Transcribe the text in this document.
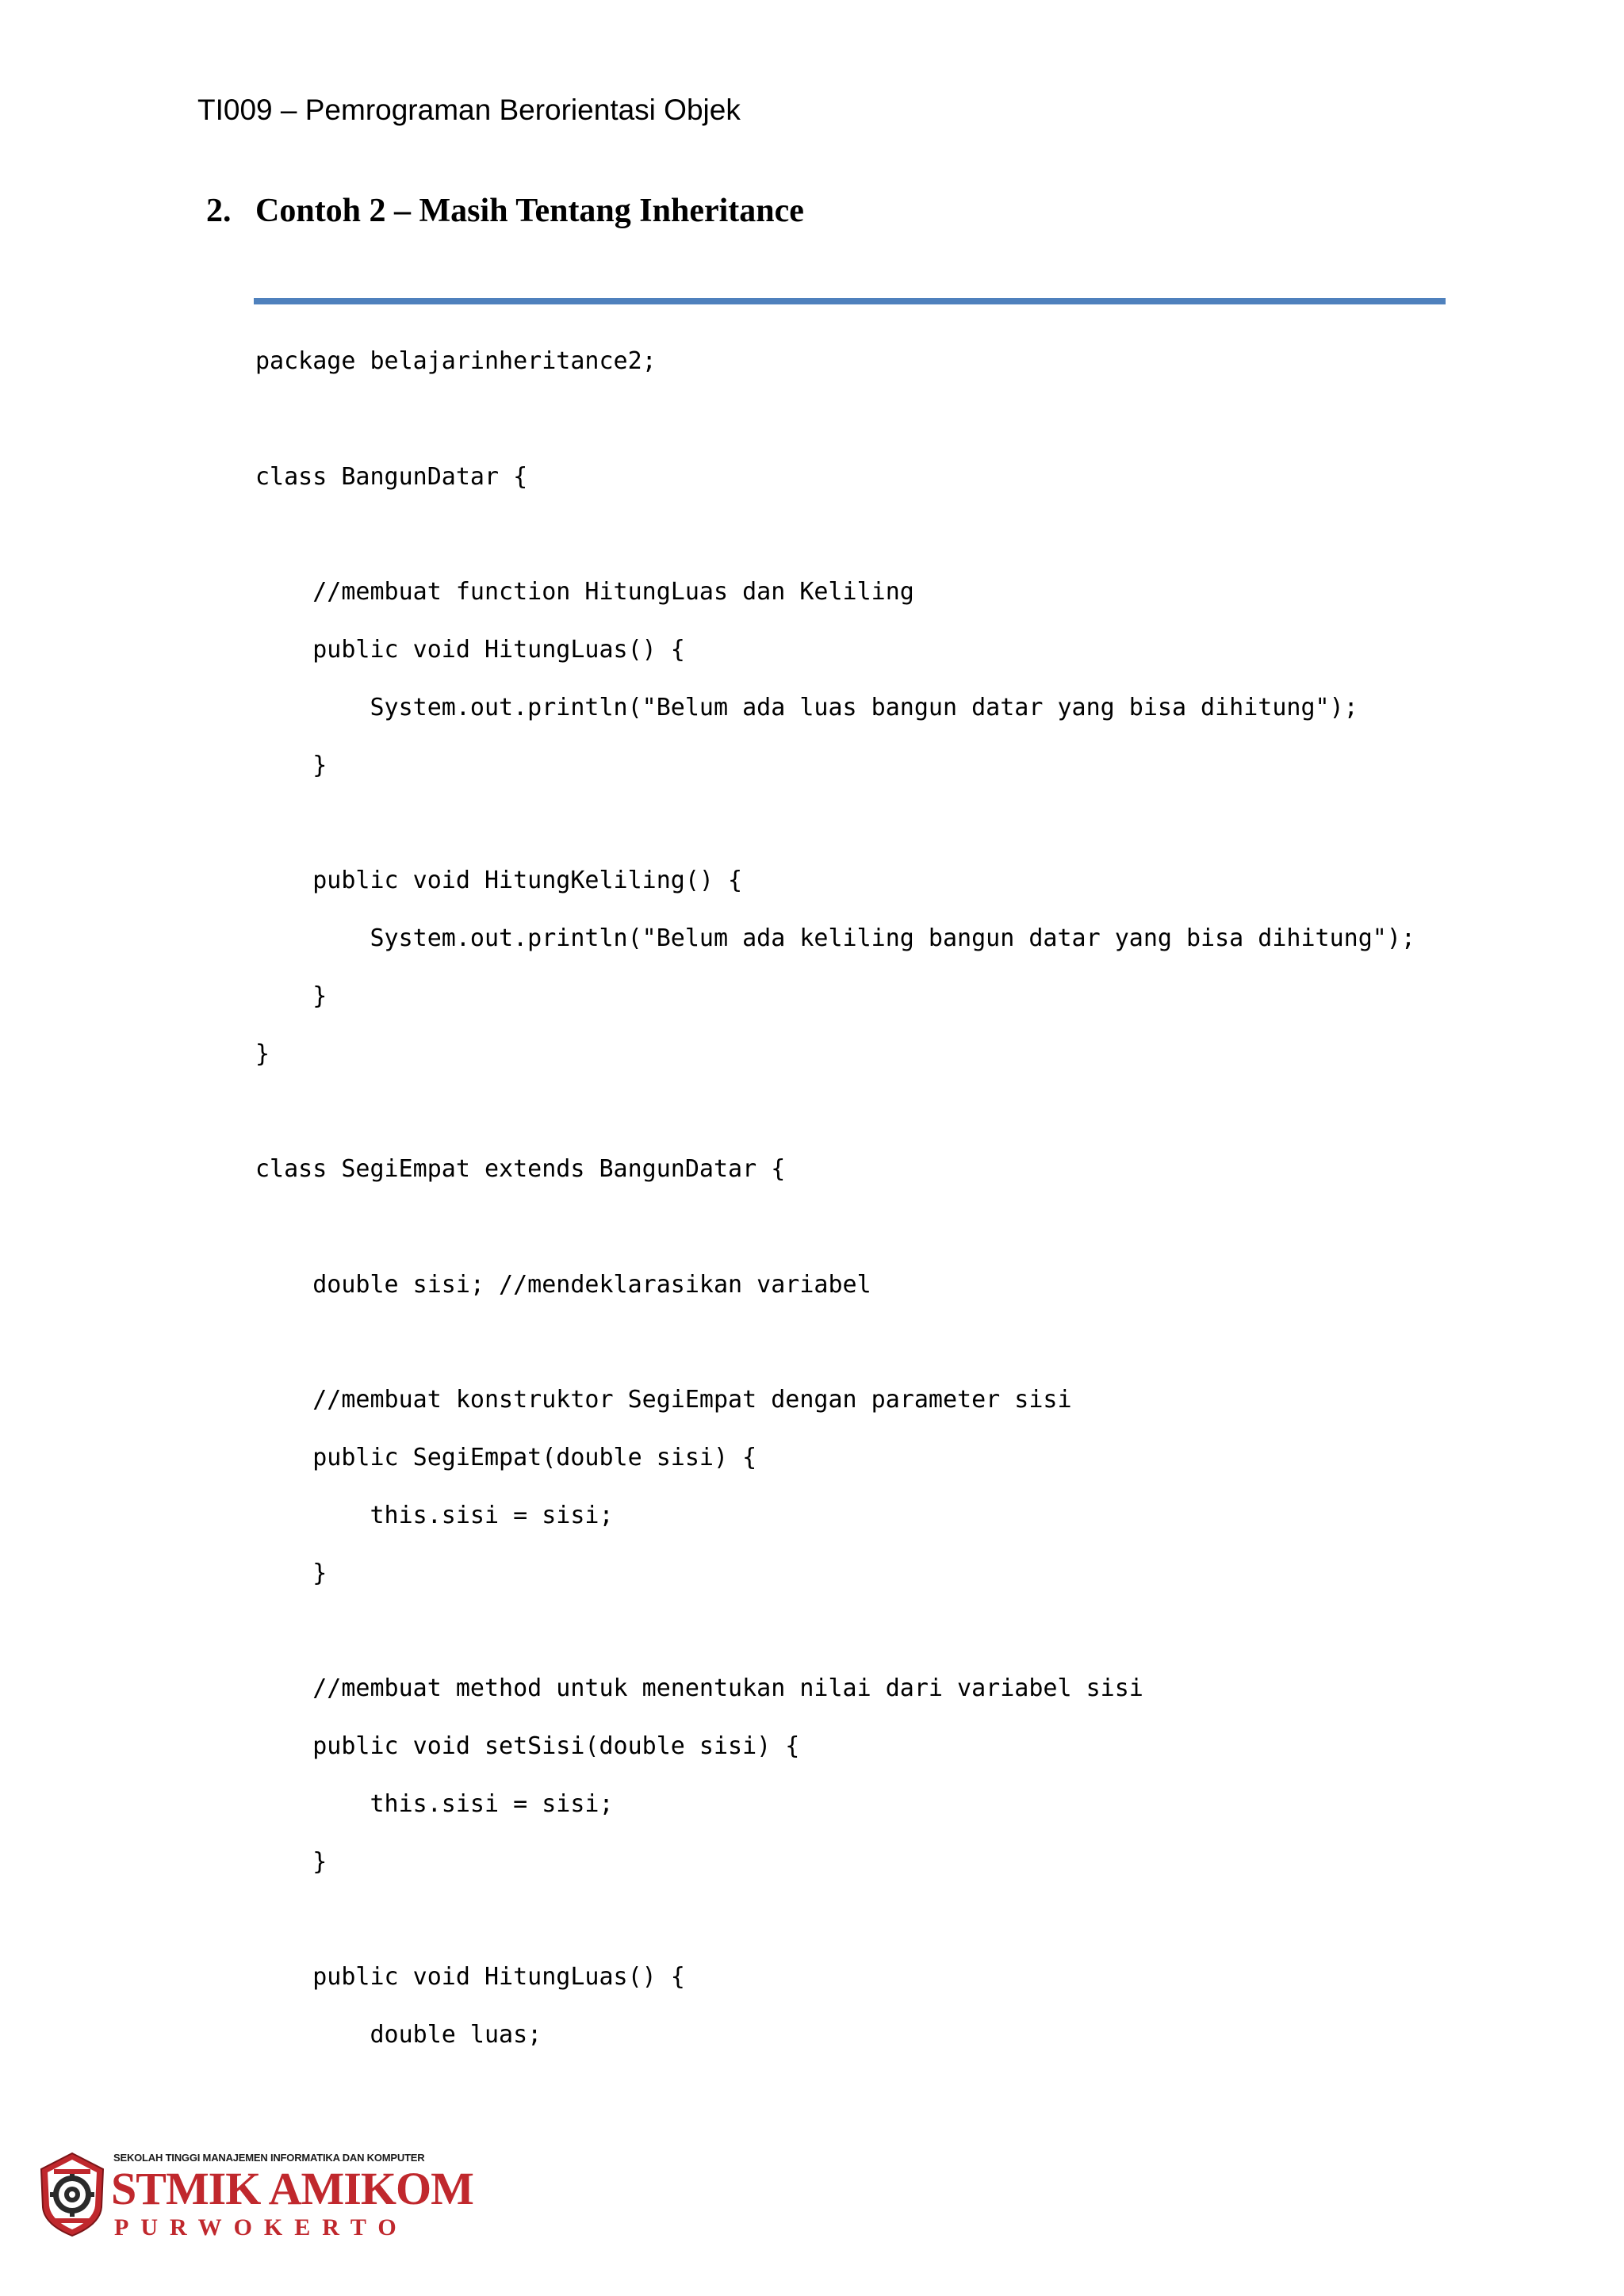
TI009 – Pemrograman Berorientasi Objek
2. Contoh 2 – Masih Tentang Inheritance
package belajarinheritance2;
class BangunDatar {
//membuat function HitungLuas dan Keliling
public void HitungLuas() {
System.out.println("Belum ada luas bangun datar yang bisa dihitung");
}
public void HitungKeliling() {
System.out.println("Belum ada keliling bangun datar yang bisa dihitung");
}
}
class SegiEmpat extends BangunDatar {
double sisi; //mendeklarasikan variabel
//membuat konstruktor SegiEmpat dengan parameter sisi
public SegiEmpat(double sisi) {
this.sisi = sisi;
}
//membuat method untuk menentukan nilai dari variabel sisi
public void setSisi(double sisi) {
this.sisi = sisi;
}
public void HitungLuas() {
double luas;
SEKOLAH TINGGI MANAJEMEN INFORMATIKA DAN KOMPUTER
STMIK AMIKOM
PURWOKERTO
